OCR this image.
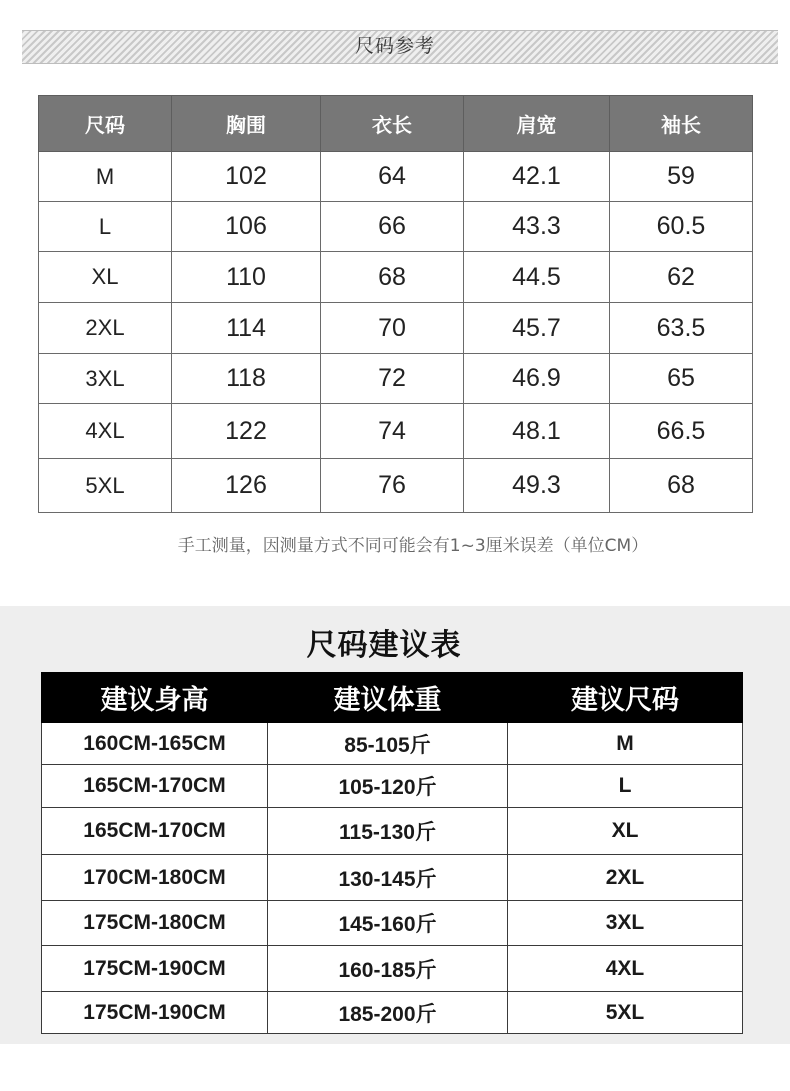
尺码参考
尺码	胸围	衣长	肩宽	袖长
M	102	64	42.1	59
L	106	66	43.3	60.5
XL	110	68	44.5	62
2XL	114	70	45.7	63.5
3XL	118	72	46.9	65
4XL	122	74	48.1	66.5
5XL	126	76	49.3	68
手工测量，因测量方式不同可能会有1~3厘米误差（单位CM）
尺码建议表
建议身高	建议体重	建议尺码
160CM-165CM	85-105斤	M
165CM-170CM	105-120斤	L
165CM-170CM	115-130斤	XL
170CM-180CM	130-145斤	2XL
175CM-180CM	145-160斤	3XL
175CM-190CM	160-185斤	4XL
175CM-190CM	185-200斤	5XL
